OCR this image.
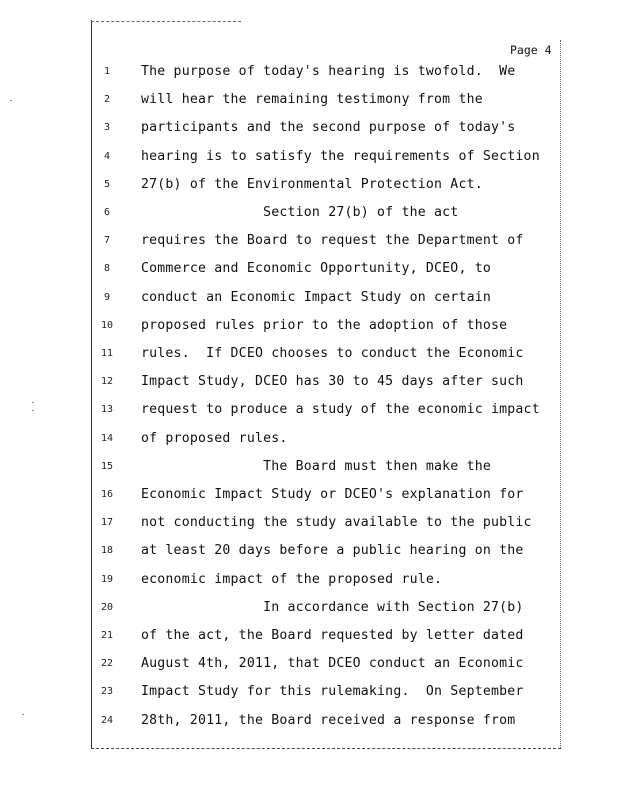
Page 4
1	The purpose of today's hearing is twofold.  We
2	will hear the remaining testimony from the
3	participants and the second purpose of today's
4	hearing is to satisfy the requirements of Section
5	27(b) of the Environmental Protection Act.
6	Section 27(b) of the act
7	requires the Board to request the Department of
8	Commerce and Economic Opportunity, DCEO, to
9	conduct an Economic Impact Study on certain
10	proposed rules prior to the adoption of those
11	rules.  If DCEO chooses to conduct the Economic
12	Impact Study, DCEO has 30 to 45 days after such
13	request to produce a study of the economic impact
14	of proposed rules.
15	The Board must then make the
16	Economic Impact Study or DCEO's explanation for
17	not conducting the study available to the public
18	at least 20 days before a public hearing on the
19	economic impact of the proposed rule.
20	In accordance with Section 27(b)
21	of the act, the Board requested by letter dated
22	August 4th, 2011, that DCEO conduct an Economic
23	Impact Study for this rulemaking.  On September
24	28th, 2011, the Board received a response from
